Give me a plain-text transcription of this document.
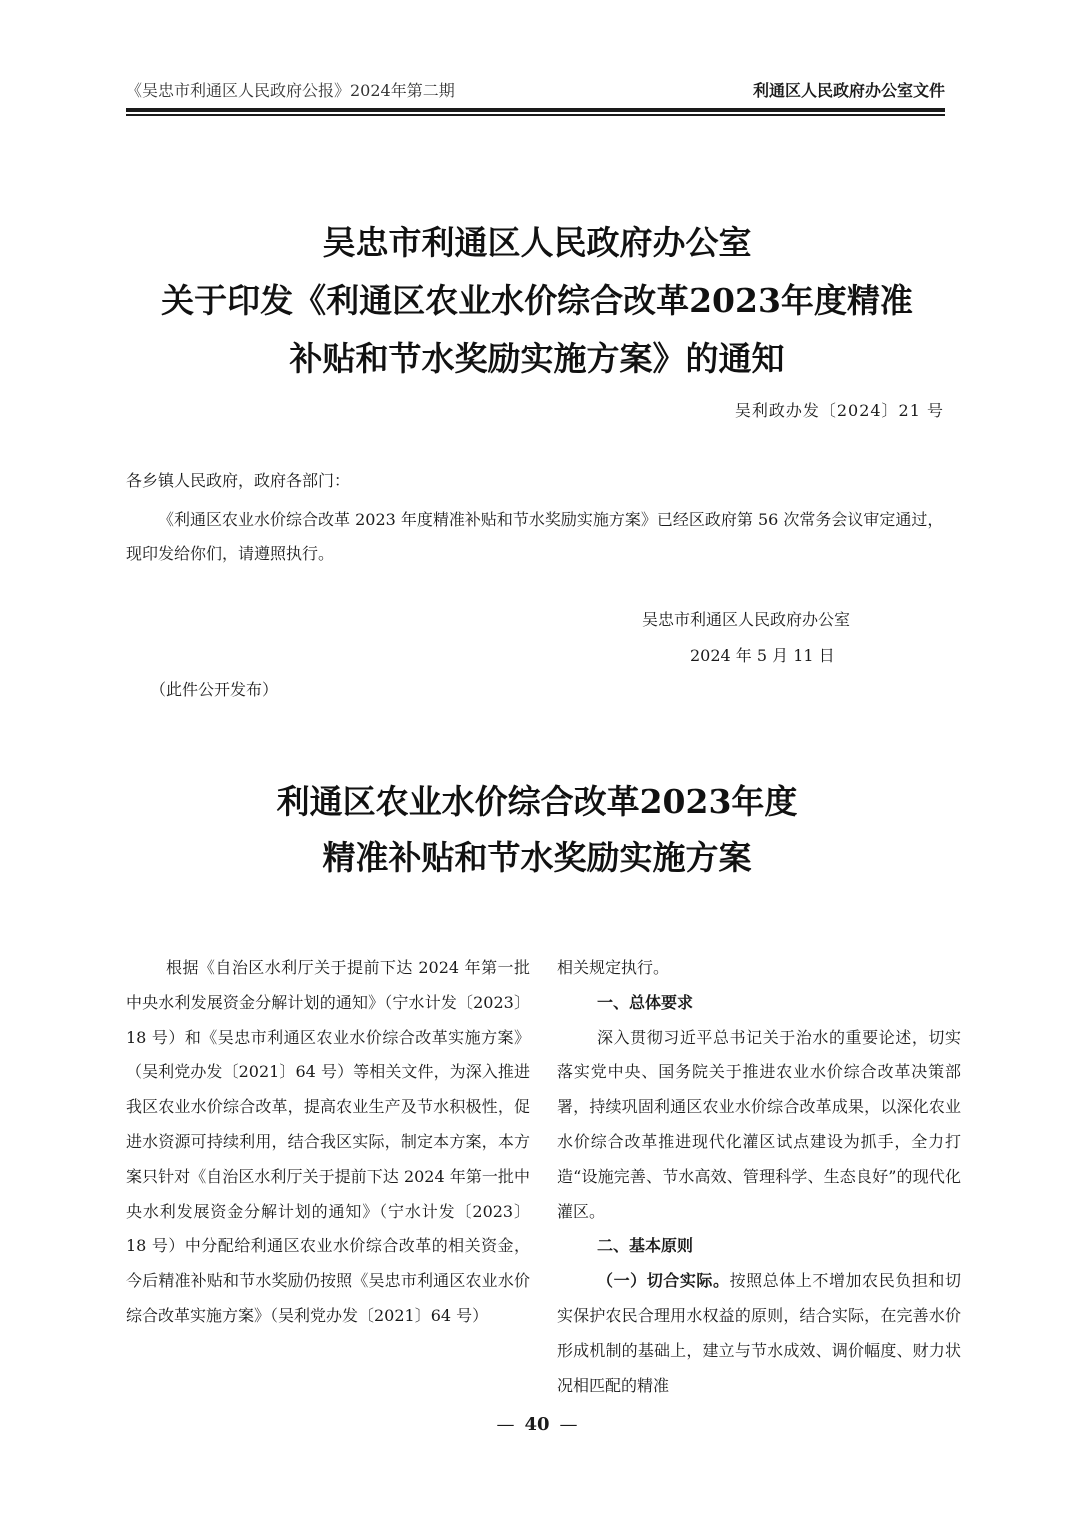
《吴忠市利通区人民政府公报》2024年第二期	利通区人民政府办公室文件
吴忠市利通区人民政府办公室
关于印发《利通区农业水价综合改革2023年度精准
补贴和节水奖励实施方案》的通知
吴利政办发〔2024〕21 号
各乡镇人民政府，政府各部门：
《利通区农业水价综合改革 2023 年度精准补贴和节水奖励实施方案》已经区政府第 56 次常务会议审定通过，现印发给你们，请遵照执行。
吴忠市利通区人民政府办公室
2024 年 5 月 11 日
（此件公开发布）
利通区农业水价综合改革2023年度
精准补贴和节水奖励实施方案

根据《自治区水利厅关于提前下达 2024 年第一批中央水利发展资金分解计划的通知》（宁水计发〔2023〕18 号）和《吴忠市利通区农业水价综合改革实施方案》（吴利党办发〔2021〕64 号）等相关文件，为深入推进我区农业水价综合改革，提高农业生产及节水积极性，促进水资源可持续利用，结合我区实际，制定本方案，本方案只针对《自治区水利厅关于提前下达 2024 年第一批中央水利发展资金分解计划的通知》（宁水计发〔2023〕18 号）中分配给利通区农业水价综合改革的相关资金，今后精准补贴和节水奖励仍按照《吴忠市利通区农业水价综合改革实施方案》（吴利党办发〔2021〕64 号）

相关规定执行。

一、总体要求

深入贯彻习近平总书记关于治水的重要论述，切实落实党中央、国务院关于推进农业水价综合改革决策部署，持续巩固利通区农业水价综合改革成果，以深化农业水价综合改革推进现代化灌区试点建设为抓手，全力打造“设施完善、节水高效、管理科学、生态良好”的现代化灌区。

二、基本原则

（一）切合实际。按照总体上不增加农民负担和切实保护农民合理用水权益的原则，结合实际，在完善水价形成机制的基础上，建立与节水成效、调价幅度、财力状况相匹配的精准

— 40 —
